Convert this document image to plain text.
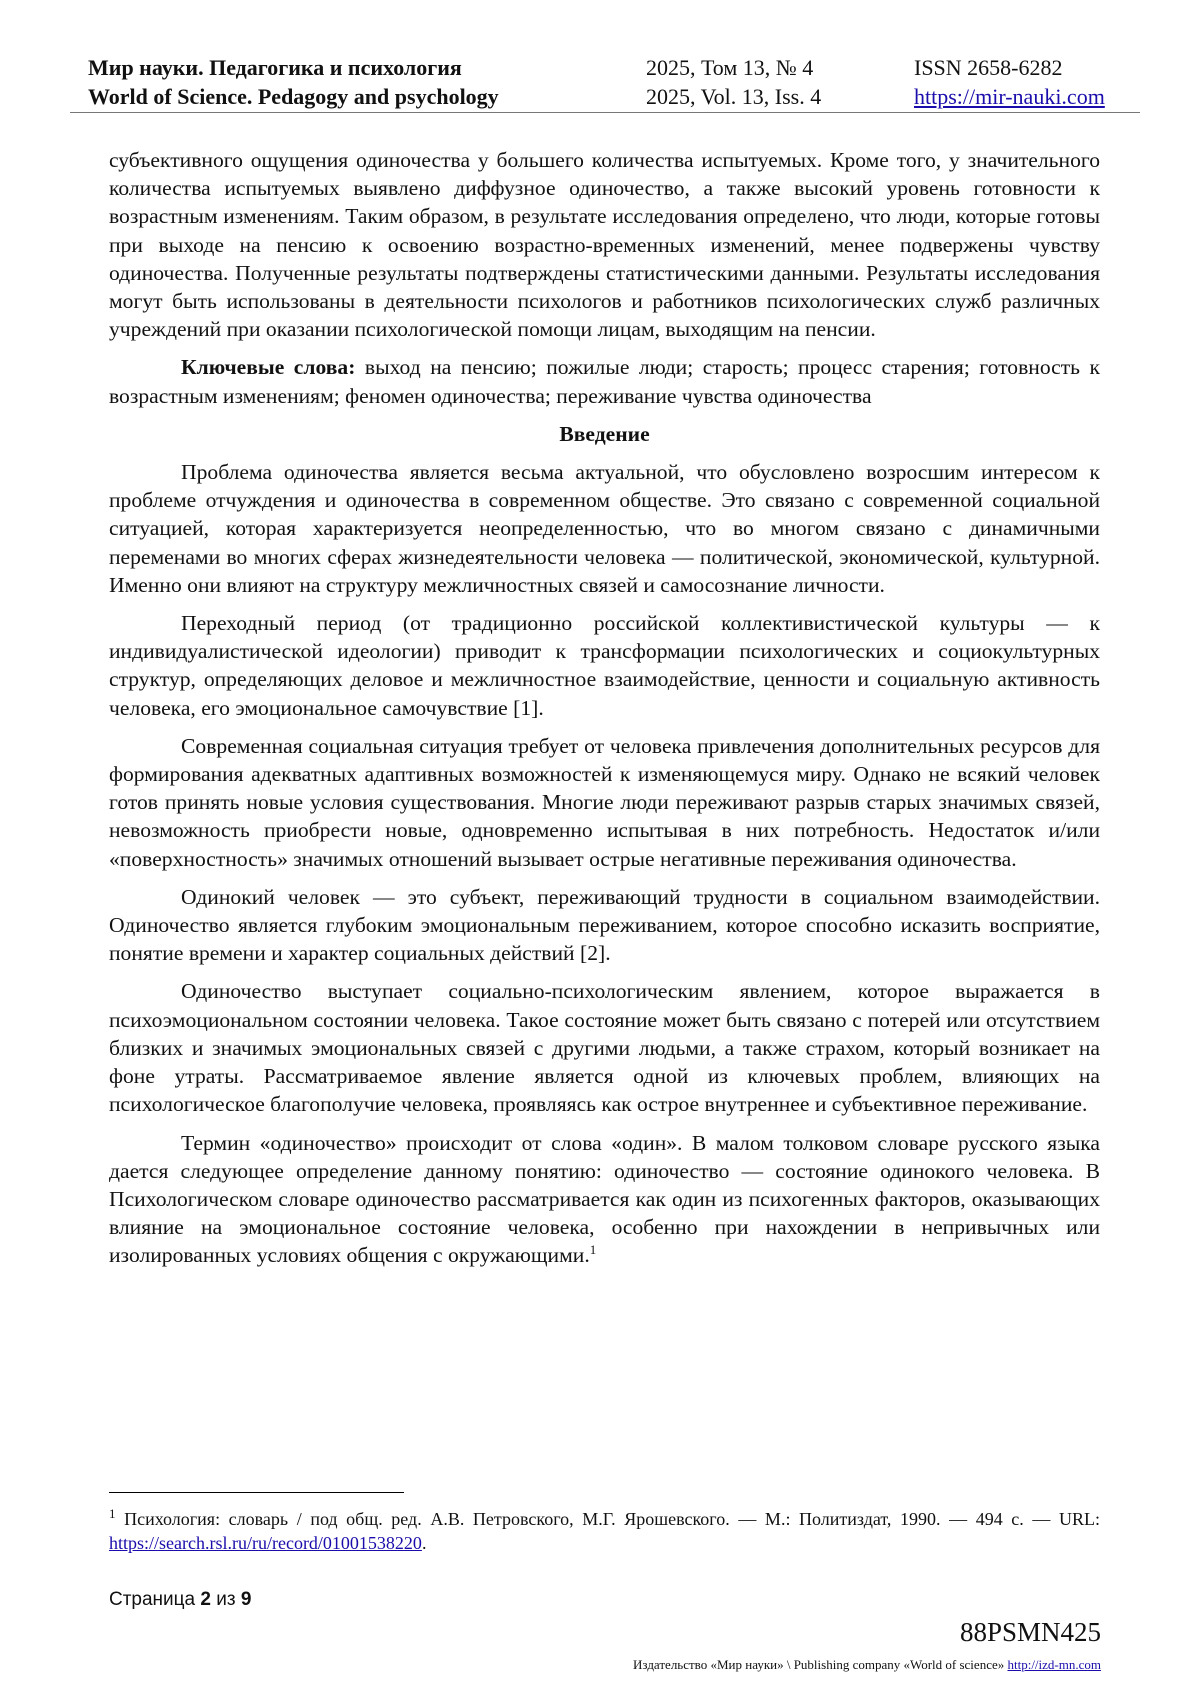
Мир науки. Педагогика и психология
World of Science. Pedagogy and psychology
2025, Том 13, № 4
2025, Vol. 13, Iss. 4
ISSN 2658-6282
https://mir-nauki.com

субъективного ощущения одиночества у большего количества испытуемых. Кроме того, у значительного количества испытуемых выявлено диффузное одиночество, а также высокий уровень готовности к возрастным изменениям. Таким образом, в результате исследования определено, что люди, которые готовы при выходе на пенсию к освоению возрастно-временных изменений, менее подвержены чувству одиночества. Полученные результаты подтверждены статистическими данными. Результаты исследования могут быть использованы в деятельности психологов и работников психологических служб различных учреждений при оказании психологической помощи лицам, выходящим на пенсии.

Ключевые слова: выход на пенсию; пожилые люди; старость; процесс старения; готовность к возрастным изменениям; феномен одиночества; переживание чувства одиночества

Введение

Проблема одиночества является весьма актуальной, что обусловлено возросшим интересом к проблеме отчуждения и одиночества в современном обществе. Это связано с современной социальной ситуацией, которая характеризуется неопределенностью, что во многом связано с динамичными переменами во многих сферах жизнедеятельности человека — политической, экономической, культурной. Именно они влияют на структуру межличностных связей и самосознание личности.

Переходный период (от традиционно российской коллективистической культуры — к индивидуалистической идеологии) приводит к трансформации психологических и социокультурных структур, определяющих деловое и межличностное взаимодействие, ценности и социальную активность человека, его эмоциональное самочувствие [1].

Современная социальная ситуация требует от человека привлечения дополнительных ресурсов для формирования адекватных адаптивных возможностей к изменяющемуся миру. Однако не всякий человек готов принять новые условия существования. Многие люди переживают разрыв старых значимых связей, невозможность приобрести новые, одновременно испытывая в них потребность. Недостаток и/или «поверхностность» значимых отношений вызывает острые негативные переживания одиночества.

Одинокий человек — это субъект, переживающий трудности в социальном взаимодействии. Одиночество является глубоким эмоциональным переживанием, которое способно исказить восприятие, понятие времени и характер социальных действий [2].

Одиночество выступает социально-психологическим явлением, которое выражается в психоэмоциональном состоянии человека. Такое состояние может быть связано с потерей или отсутствием близких и значимых эмоциональных связей с другими людьми, а также страхом, который возникает на фоне утраты. Рассматриваемое явление является одной из ключевых проблем, влияющих на психологическое благополучие человека, проявляясь как острое внутреннее и субъективное переживание.

Термин «одиночество» происходит от слова «один». В малом толковом словаре русского языка дается следующее определение данному понятию: одиночество — состояние одинокого человека. В Психологическом словаре одиночество рассматривается как один из психогенных факторов, оказывающих влияние на эмоциональное состояние человека, особенно при нахождении в непривычных или изолированных условиях общения с окружающими.$^1$

$^1$ Психология: словарь / под общ. ред. А.В. Петровского, М.Г. Ярошевского. — М.: Политиздат, 1990. — 494 с. — URL: https://search.rsl.ru/ru/record/01001538220.
Страница 2 из 9
88PSMN425
Издательство «Мир науки» \ Publishing company «World of science» http://izd-mn.com
